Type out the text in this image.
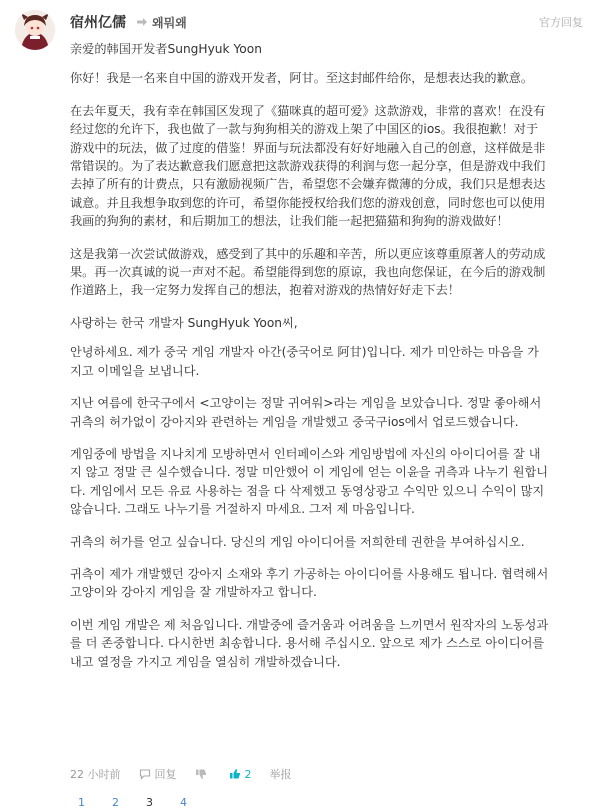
宿州亿儒 왜뭐왜	官方回复

亲爱的韩国开发者SungHyuk Yoon

你好！我是一名来自中国的游戏开发者，阿甘。至这封邮件给你，是想表达我的歉意。

在去年夏天，我有幸在韩国区发现了《猫咪真的超可爱》这款游戏，非常的喜欢！在没有经过您的允许下，我也做了一款与狗狗相关的游戏上架了中国区的ios。我很抱歉！对于游戏中的玩法，做了过度的借鉴！界面与玩法都没有好好地融入自己的创意，这样做是非常错误的。为了表达歉意我们愿意把这款游戏获得的利润与您一起分享，但是游戏中我们去掉了所有的计费点，只有激励视频广告，希望您不会嫌弃微薄的分成，我们只是想表达诚意。并且我想争取到您的许可，希望你能授权给我们您的游戏创意，同时您也可以使用我画的狗狗的素材，和后期加工的想法，让我们能一起把猫猫和狗狗的游戏做好！

这是我第一次尝试做游戏，感受到了其中的乐趣和辛苦，所以更应该尊重原著人的劳动成果。再一次真诚的说一声对不起。希望能得到您的原谅，我也向您保证，在今后的游戏制作道路上，我一定努力发挥自己的想法，抱着对游戏的热情好好走下去！

사랑하는 한국 개발자 SungHyuk Yoon씨,

안녕하세요. 제가 중국 게임 개발자 아간(중국어로 阿甘)입니다. 제가 미안하는 마음을 가지고 이메일을 보냅니다.

지난 여름에 한국구에서 <고양이는 정말 귀여워>라는 게임을 보았습니다. 정말 좋아해서 귀측의 허가없이 강아지와 관련하는 게임을 개발했고 중국구ios에서 업로드했습니다.

게임중에 방법을 지나치게 모방하면서 인터페이스와 게임방법에 자신의 아이디어를 잘 내지 않고 정말 큰 실수했습니다. 정말 미안했어 이 게임에 얻는 이윤을 귀측과 나누기 원합니다. 게임에서 모든 유료 사용하는 점을 다 삭제했고 동영상광고 수익만 있으니 수익이 많지 않습니다. 그래도 나누기를 거절하지 마세요. 그저 제 마음입니다.

귀측의 허가를 얻고 싶습니다. 당신의 게임 아이디어를 저희한테 권한을 부여하십시오.

귀측이 제가 개발했던 강아지 소재와 후기 가공하는 아이디어를 사용해도 됩니다. 협력해서 고양이와 강아지 게임을 잘 개발하자고 합니다.

이번 게임 개발은 제 처음입니다. 개발중에 즐거움과 어려움을 느끼면서 원작자의 노동성과를 더 존중합니다. 다시한번 최송합니다. 용서해 주십시오. 앞으로 제가 스스로 아이디어를 내고 열정을 가지고 게임을 열심히 개발하겠습니다.

22 小时前	回复	2 举报
1 2 3 4
